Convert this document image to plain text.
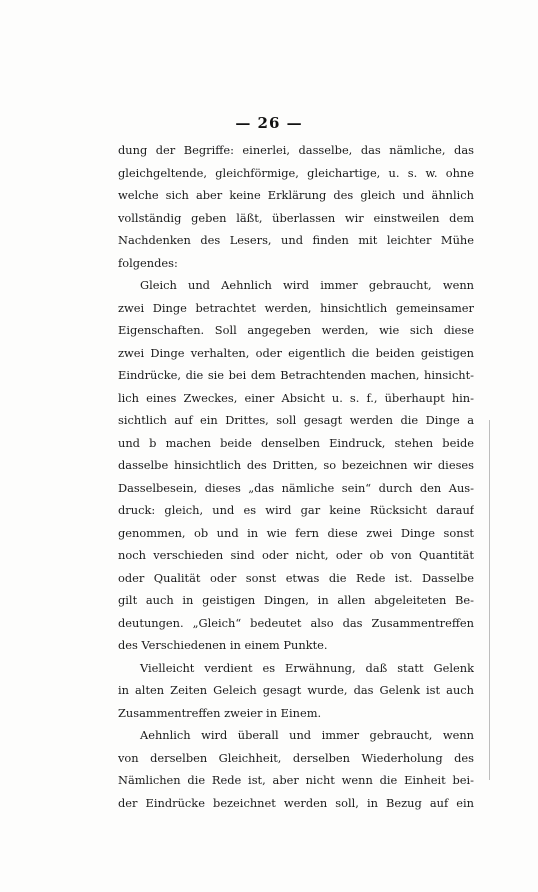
— 26 —
dung der Begriffe: einerlei, dasselbe, das nämliche, das
gleichgeltende, gleichförmige, gleichartige, u. s. w. ohne
welche sich aber keine Erklärung des gleich und ähnlich
vollständig geben läßt, überlassen wir einstweilen dem
Nachdenken des Lesers, und finden mit leichter Mühe
folgendes:
Gleich und Aehnlich wird immer gebraucht, wenn
zwei Dinge betrachtet werden, hinsichtlich gemeinsamer
Eigenschaften. Soll angegeben werden, wie sich diese
zwei Dinge verhalten, oder eigentlich die beiden geistigen
Eindrücke, die sie bei dem Betrachtenden machen, hinsicht-
lich eines Zweckes, einer Absicht u. s. f., überhaupt hin-
sichtlich auf ein Drittes, soll gesagt werden die Dinge a
und b machen beide denselben Eindruck, stehen beide
dasselbe hinsichtlich des Dritten, so bezeichnen wir dieses
Dasselbesein, dieses „das nämliche sein“ durch den Aus-
druck: gleich, und es wird gar keine Rücksicht darauf
genommen, ob und in wie fern diese zwei Dinge sonst
noch verschieden sind oder nicht, oder ob von Quantität
oder Qualität oder sonst etwas die Rede ist. Dasselbe
gilt auch in geistigen Dingen, in allen abgeleiteten Be-
deutungen. „Gleich“ bedeutet also das Zusammentreffen
des Verschiedenen in einem Punkte.
Vielleicht verdient es Erwähnung, daß statt Gelenk
in alten Zeiten Geleich gesagt wurde, das Gelenk ist auch
Zusammentreffen zweier in Einem.
Aehnlich wird überall und immer gebraucht, wenn
von derselben Gleichheit, derselben Wiederholung des
Nämlichen die Rede ist, aber nicht wenn die Einheit bei-
der Eindrücke bezeichnet werden soll, in Bezug auf ein
